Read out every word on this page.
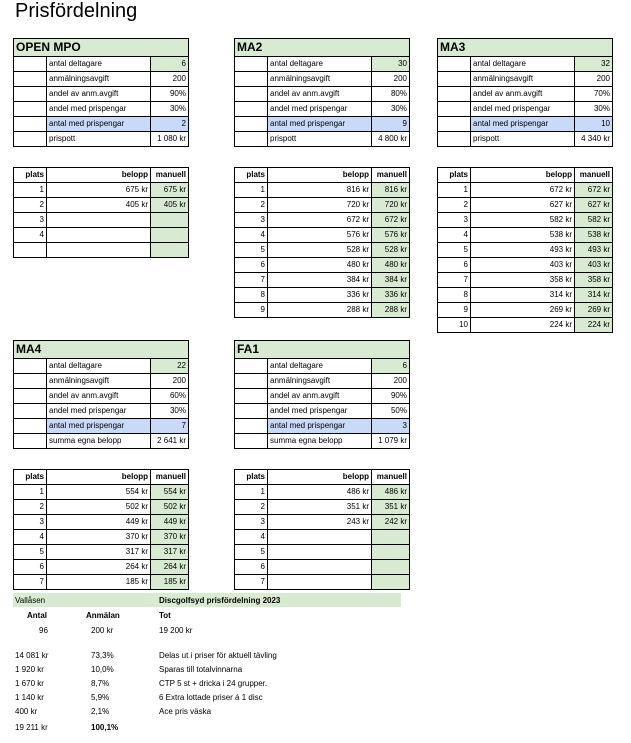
Prisfördelning
OPEN MPO		
	antal deltagare	6
	anmälningsavgift	200
	andel av anm.avgift	90%
	andel med prispengar	30%
	antal med prispengar	2
	prispott	1 080 kr
plats	belopp	manuell
1	675 kr	675 kr
2	405 kr	405 kr
3		
4		

MA2		
	antal deltagare	30
	anmälningsavgift	200
	andel av anm.avgift	80%
	andel med prispengar	30%
	antal med prispengar	9
	prispott	4 800 kr
plats	belopp	manuell
1	816 kr	816 kr
2	720 kr	720 kr
3	672 kr	672 kr
4	576 kr	576 kr
5	528 kr	528 kr
6	480 kr	480 kr
7	384 kr	384 kr
8	336 kr	336 kr
9	288 kr	288 kr
MA3		
	antal deltagare	32
	anmälningsavgift	200
	andel av anm.avgift	70%
	andel med prispengar	30%
	antal med prispengar	10
	prispott	4 340 kr
plats	belopp	manuell
1	672 kr	672 kr
2	627 kr	627 kr
3	582 kr	582 kr
4	538 kr	538 kr
5	493 kr	493 kr
6	403 kr	403 kr
7	358 kr	358 kr
8	314 kr	314 kr
9	269 kr	269 kr
10	224 kr	224 kr
MA4		
	antal deltagare	22
	anmälningsavgift	200
	andel av anm.avgift	60%
	andel med prispengar	30%
	antal med prispengar	7
	summa egna belopp	2 641 kr
plats	belopp	manuell
1	554 kr	554 kr
2	502 kr	502 kr
3	449 kr	449 kr
4	370 kr	370 kr
5	317 kr	317 kr
6	264 kr	264 kr
7	185 kr	185 kr
FA1		
	antal deltagare	6
	anmälningsavgift	200
	andel av anm.avgift	90%
	andel med prispengar	50%
	antal med prispengar	3
	summa egna belopp	1 079 kr
plats	belopp	manuell
1	486 kr	486 kr
2	351 kr	351 kr
3	243 kr	242 kr
4		
5		
6		
7		
Vallåsen	Discgolfsyd prisfördelning 2023
Antal	Anmälan	Tot
96	200 kr	19 200 kr
14 081 kr	73,3%	Delas ut i priser för aktuell tävling
1 920 kr	10,0%	Sparas till totalvinnarna
1 670 kr	8,7%	CTP 5 st + dricka i 24 grupper.
1 140 kr	5,9%	6 Extra lottade priser á 1 disc
400 kr	2,1%	Ace pris väska
19 211 kr	100,1%
